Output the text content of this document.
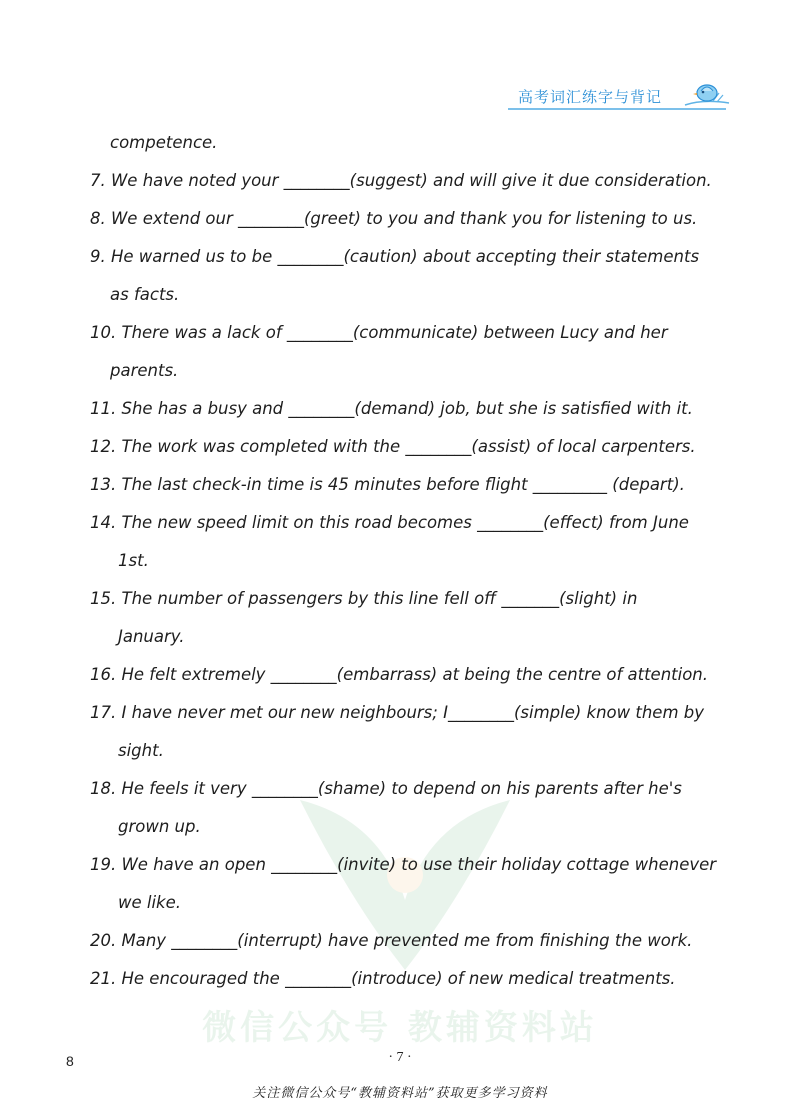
高考词汇练字与背记
微信公众号 教辅资料站
competence.
7. We have noted your ________(suggest) and will give it due consideration.
8. We extend our ________(greet) to you and thank you for listening to us.
9. He warned us to be ________(caution) about accepting their statements
as facts.
10. There was a lack of ________(communicate) between Lucy and her
parents.
11. She has a busy and ________(demand) job, but she is satisfied with it.
12. The work was completed with the ________(assist) of local carpenters.
13. The last check-in time is 45 minutes before flight _________ (depart).
14. The new speed limit on this road becomes ________(effect) from June
1st.
15. The number of passengers by this line fell off _______(slight) in
January.
16. He felt extremely ________(embarrass) at being the centre of attention.
17. I have never met our new neighbours; I________(simple) know them by
sight.
18. He feels it very ________(shame) to depend on his parents after he's
grown up.
19. We have an open ________(invite) to use their holiday cottage whenever
we like.
20. Many ________(interrupt) have prevented me from finishing the work.
21. He encouraged the ________(introduce) of new medical treatments.
8	· 7 ·
关注微信公众号“教辅资料站”获取更多学习资料
